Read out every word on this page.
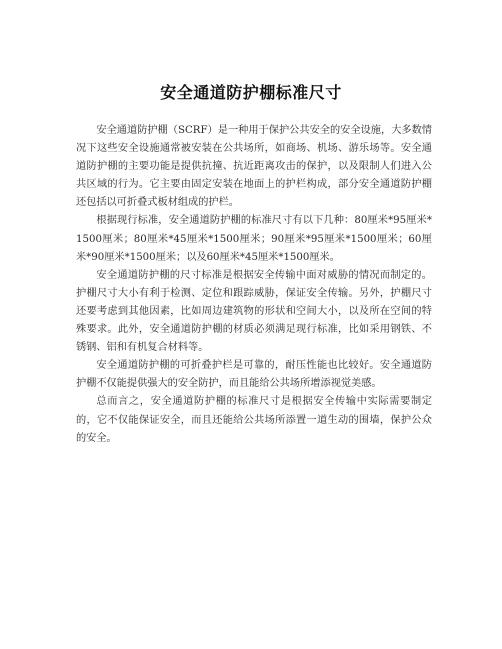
安全通道防护棚标准尺寸

安全通道防护棚（SCRF）是一种用于保护公共安全的安全设施，大多数情况下这些安全设施通常被安装在公共场所，如商场、机场、游乐场等。安全通道防护棚的主要功能是提供抗撞、抗近距离攻击的保护，以及限制人们进入公共区域的行为。它主要由固定安装在地面上的护栏构成，部分安全通道防护棚还包括以可折叠式板材组成的护栏。

根据现行标准，安全通道防护棚的标准尺寸有以下几种：80厘米*95厘米*1500厘米；80厘米*45厘米*1500厘米；90厘米*95厘米*1500厘米；60厘米*90厘米*1500厘米；以及60厘米*45厘米*1500厘米。

安全通道防护棚的尺寸标准是根据安全传输中面对威胁的情况而制定的。护棚尺寸大小有利于检测、定位和跟踪威胁，保证安全传输。另外，护棚尺寸还要考虑到其他因素，比如周边建筑物的形状和空间大小，以及所在空间的特殊要求。此外，安全通道防护棚的材质必须满足现行标准，比如采用钢铁、不锈钢、铝和有机复合材料等。

安全通道防护棚的可折叠护栏是可靠的，耐压性能也比较好。安全通道防护棚不仅能提供强大的安全防护，而且能给公共场所增添视觉美感。

总而言之，安全通道防护棚的标准尺寸是根据安全传输中实际需要制定的，它不仅能保证安全，而且还能给公共场所添置一道生动的围墙，保护公众的安全。
